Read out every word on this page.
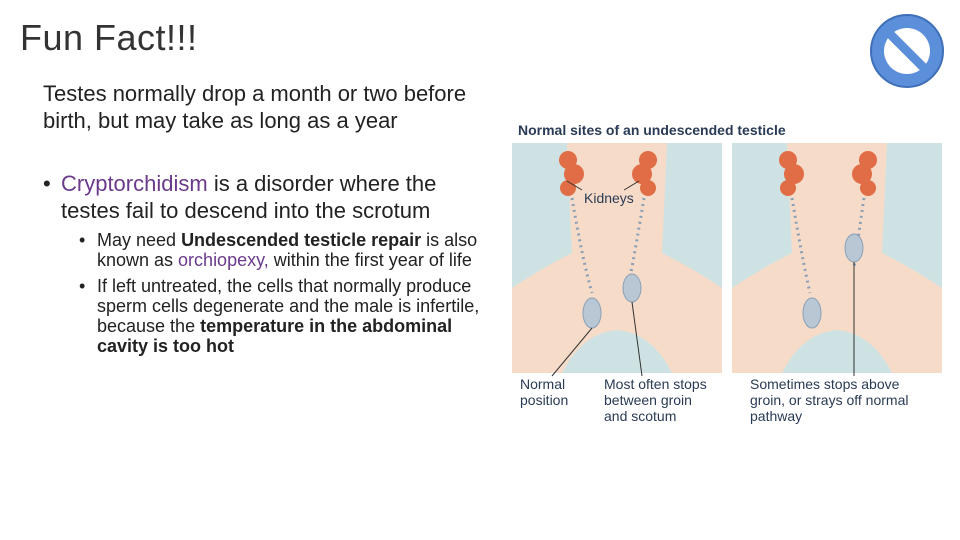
Fun Fact!!!

Testes normally drop a month or two before birth, but may take as long as a year

• Cryptorchidism is a disorder where the testes fail to descend into the scrotum
• May need Undescended testicle repair is also known as orchiopexy, within the first year of life
• If left untreated, the cells that normally produce sperm cells degenerate and the male is infertile, because the temperature in the abdominal cavity is too hot
Normal sites of an undescended testicle
Kidneys
Normal
position
Most often stops
between groin
and scotum
Sometimes stops above
groin, or strays off normal
pathway
